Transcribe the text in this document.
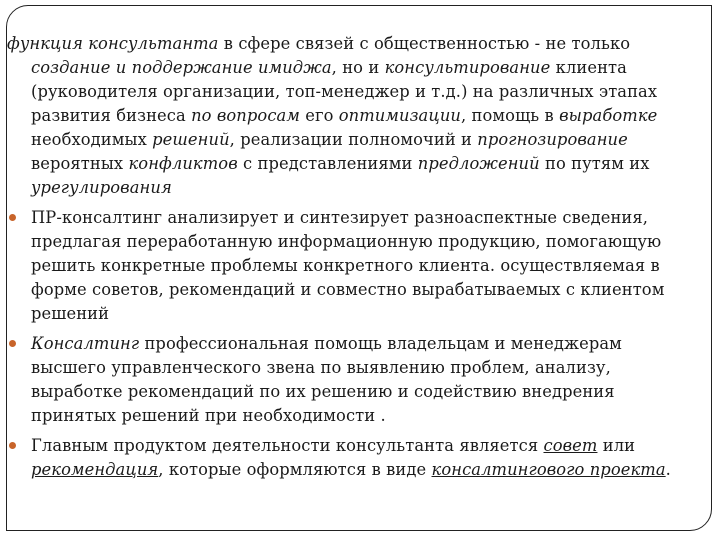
функция консультанта в сфере связей с общественностью - не только
создание и поддержание имиджа, но и консультирование клиента
(руководителя организации, топ-менеджер и т.д.) на различных этапах
развития бизнеса по вопросам его оптимизации, помощь в выработке
необходимых решений, реализации полномочий и прогнозирование
вероятных конфликтов с представлениями предложений по путям их
урегулирования
ПР-консалтинг анализирует и синтезирует разноаспектные сведения,
предлагая переработанную информационную продукцию, помогающую
решить конкретные проблемы конкретного клиента. осуществляемая в
форме советов, рекомендаций и совместно вырабатываемых с клиентом
решений
Консалтинг профессиональная помощь владельцам и менеджерам
высшего управленческого звена по выявлению проблем, анализу,
выработке рекомендаций по их решению и содействию внедрения
принятых решений при необходимости .
Главным продуктом деятельности консультанта является совет или
рекомендация, которые оформляются в виде консалтингового проекта.
